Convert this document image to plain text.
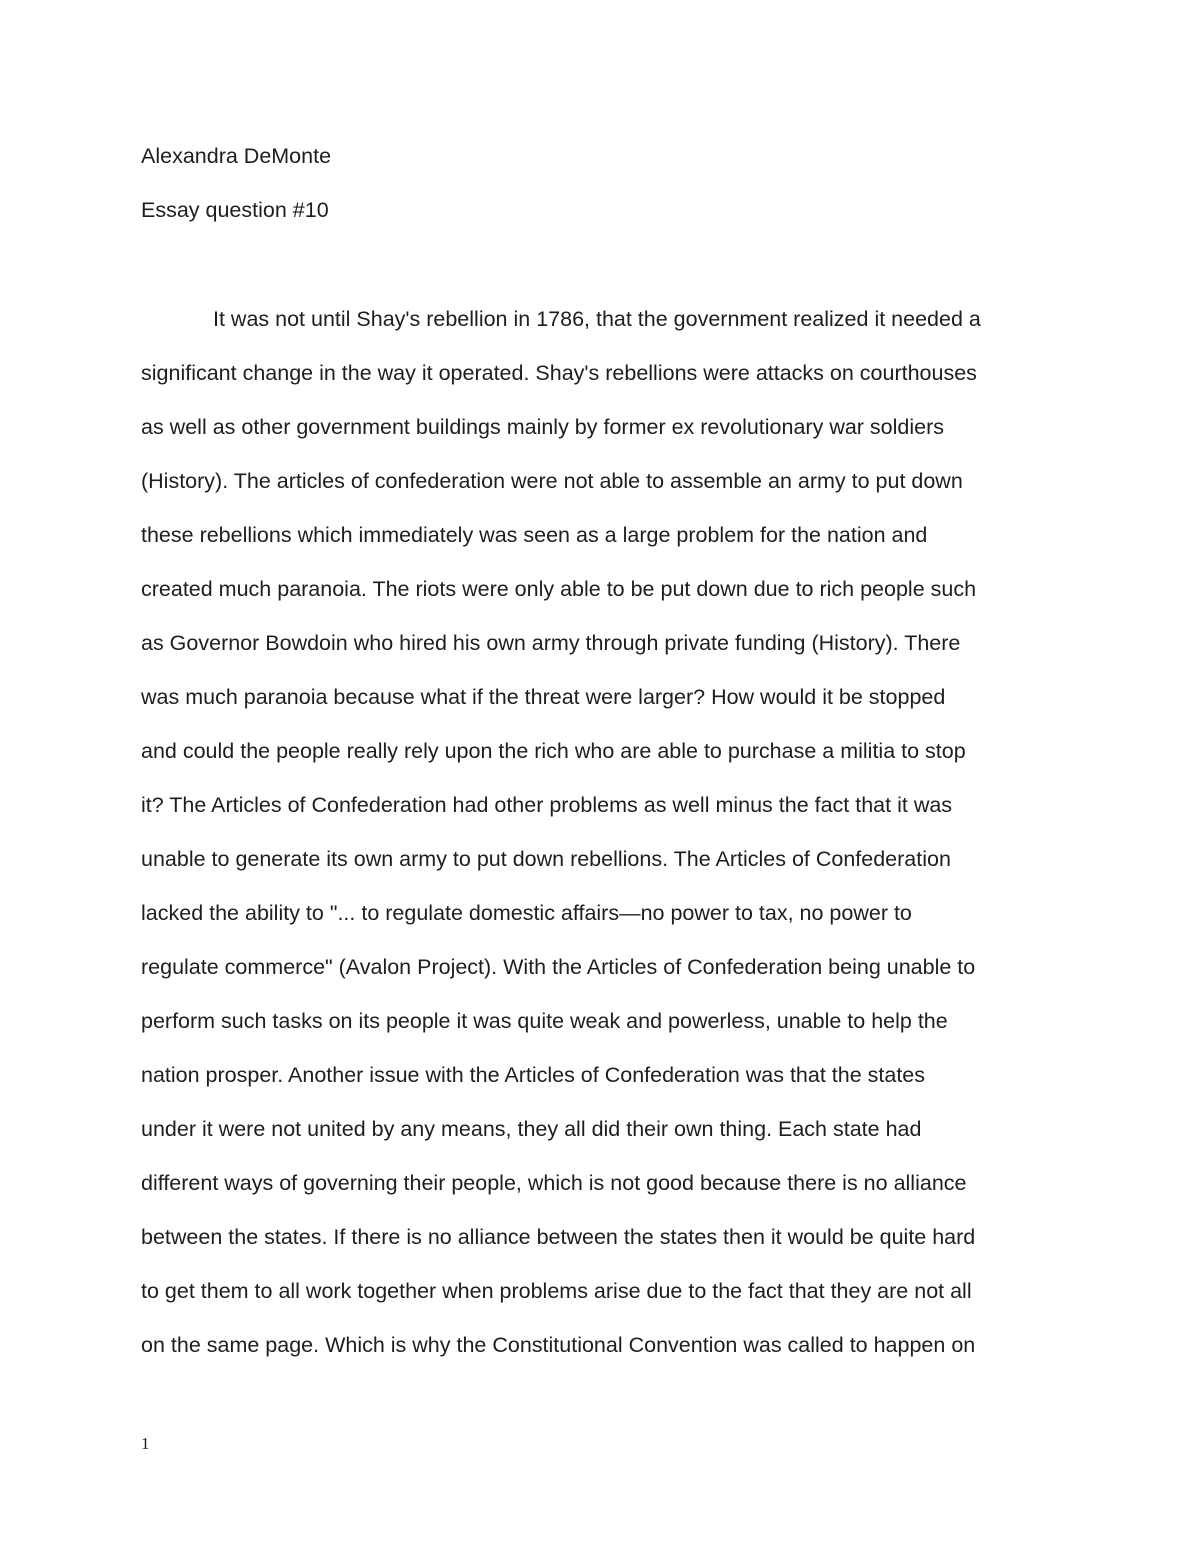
Alexandra DeMonte
Essay question #10
It was not until Shay's rebellion in 1786, that the government realized it needed a
significant change in the way it operated. Shay's rebellions were attacks on courthouses
as well as other government buildings mainly by former ex revolutionary war soldiers
(History). The articles of confederation were not able to assemble an army to put down
these rebellions which immediately was seen as a large problem for the nation and
created much paranoia. The riots were only able to be put down due to rich people such
as Governor Bowdoin who hired his own army through private funding (History). There
was much paranoia because what if the threat were larger? How would it be stopped
and could the people really rely upon the rich who are able to purchase a militia to stop
it? The Articles of Confederation had other problems as well minus the fact that it was
unable to generate its own army to put down rebellions. The Articles of Confederation
lacked the ability to "... to regulate domestic affairs—no power to tax, no power to
regulate commerce" (Avalon Project). With the Articles of Confederation being unable to
perform such tasks on its people it was quite weak and powerless, unable to help the
nation prosper. Another issue with the Articles of Confederation was that the states
under it were not united by any means, they all did their own thing. Each state had
different ways of governing their people, which is not good because there is no alliance
between the states. If there is no alliance between the states then it would be quite hard
to get them to all work together when problems arise due to the fact that they are not all
on the same page. Which is why the Constitutional Convention was called to happen on
1
